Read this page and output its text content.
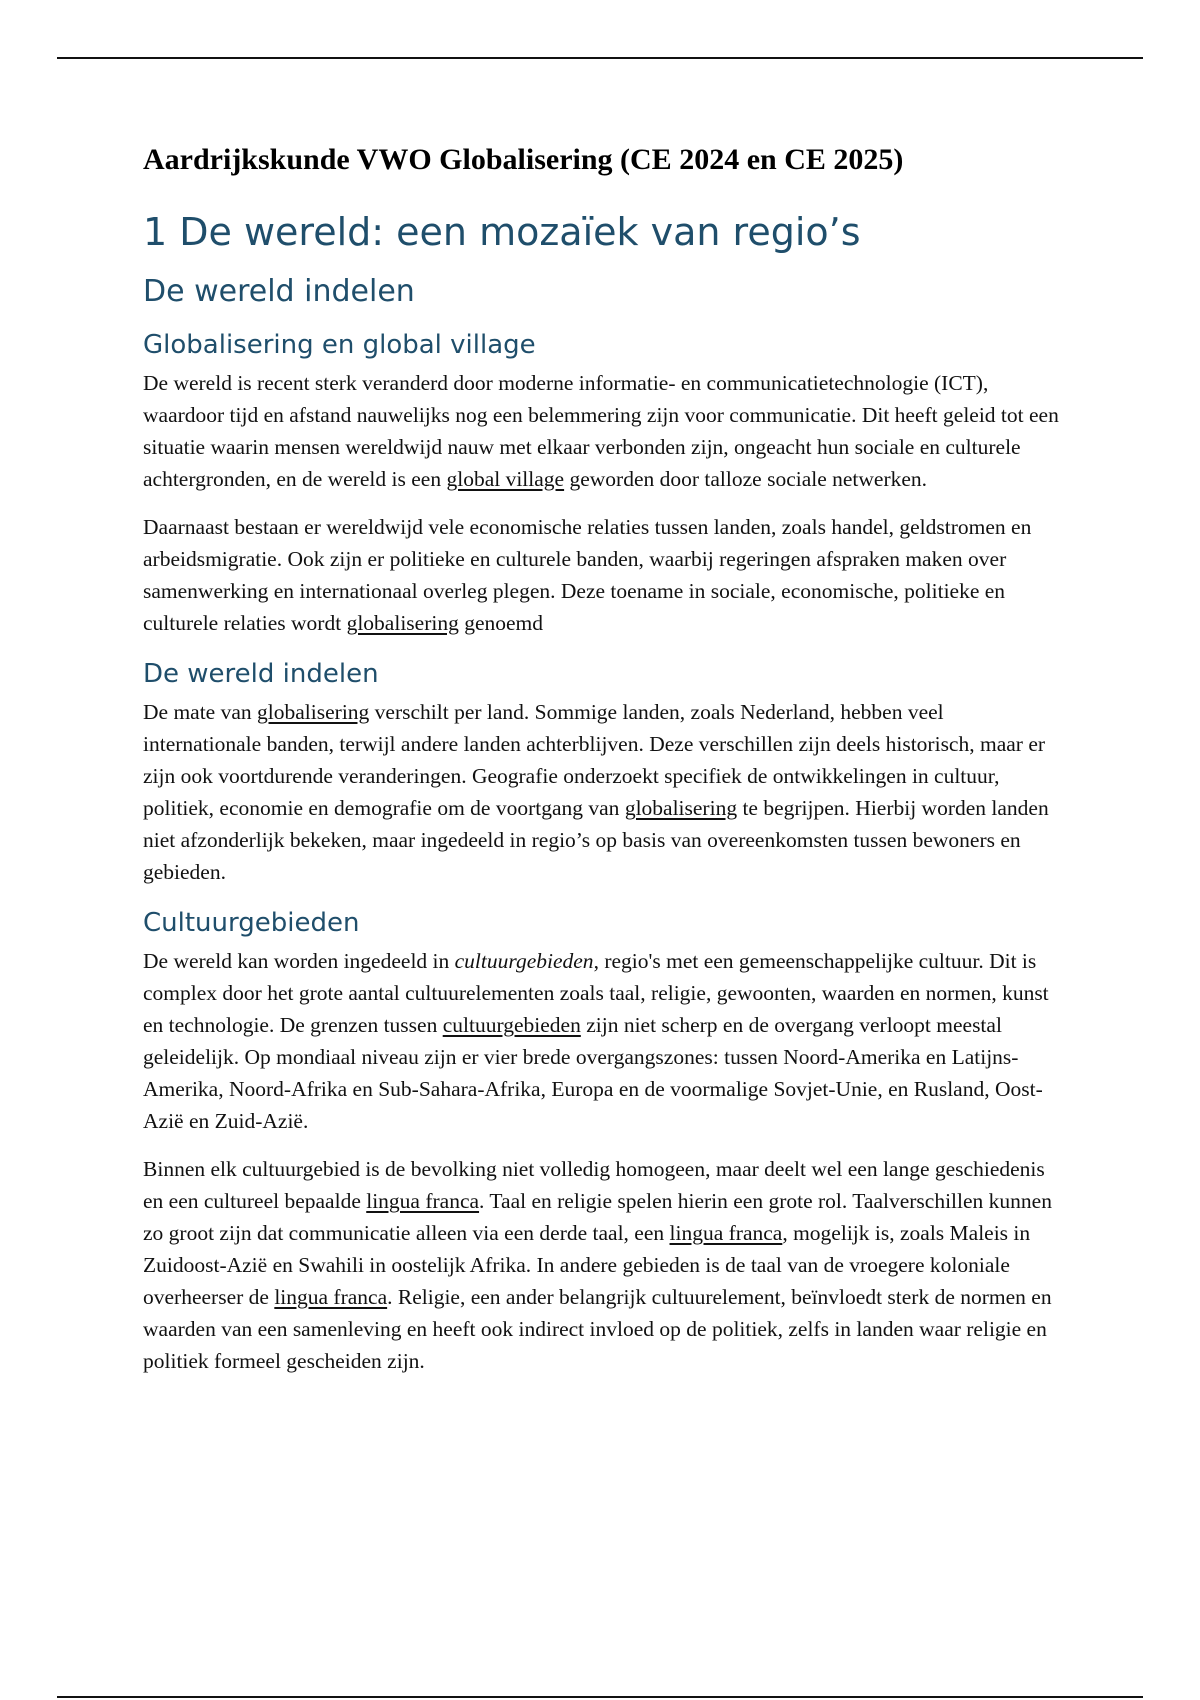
Aardrijkskunde VWO Globalisering (CE 2024 en CE 2025)
1 De wereld: een mozaïek van regio’s
De wereld indelen
Globalisering en global village

De wereld is recent sterk veranderd door moderne informatie- en communicatietechnologie (ICT), waardoor tijd en afstand nauwelijks nog een belemmering zijn voor communicatie. Dit heeft geleid tot een situatie waarin mensen wereldwijd nauw met elkaar verbonden zijn, ongeacht hun sociale en culturele achtergronden, en de wereld is een global village geworden door talloze sociale netwerken.

Daarnaast bestaan er wereldwijd vele economische relaties tussen landen, zoals handel, geldstromen en arbeidsmigratie. Ook zijn er politieke en culturele banden, waarbij regeringen afspraken maken over samenwerking en internationaal overleg plegen. Deze toename in sociale, economische, politieke en culturele relaties wordt globalisering genoemd

De wereld indelen

De mate van globalisering verschilt per land. Sommige landen, zoals Nederland, hebben veel internationale banden, terwijl andere landen achterblijven. Deze verschillen zijn deels historisch, maar er zijn ook voortdurende veranderingen. Geografie onderzoekt specifiek de ontwikkelingen in cultuur, politiek, economie en demografie om de voortgang van globalisering te begrijpen. Hierbij worden landen niet afzonderlijk bekeken, maar ingedeeld in regio’s op basis van overeenkomsten tussen bewoners en gebieden.

Cultuurgebieden

De wereld kan worden ingedeeld in cultuurgebieden, regio's met een gemeenschappelijke cultuur. Dit is complex door het grote aantal cultuurelementen zoals taal, religie, gewoonten, waarden en normen, kunst en technologie. De grenzen tussen cultuurgebieden zijn niet scherp en de overgang verloopt meestal geleidelijk. Op mondiaal niveau zijn er vier brede overgangszones: tussen Noord-Amerika en Latijns-Amerika, Noord-Afrika en Sub-Sahara-Afrika, Europa en de voormalige Sovjet-Unie, en Rusland, Oost-Azië en Zuid-Azië.

Binnen elk cultuurgebied is de bevolking niet volledig homogeen, maar deelt wel een lange geschiedenis en een cultureel bepaalde lingua franca. Taal en religie spelen hierin een grote rol. Taalverschillen kunnen zo groot zijn dat communicatie alleen via een derde taal, een lingua franca, mogelijk is, zoals Maleis in Zuidoost-Azië en Swahili in oostelijk Afrika. In andere gebieden is de taal van de vroegere koloniale overheerser de lingua franca. Religie, een ander belangrijk cultuurelement, beïnvloedt sterk de normen en waarden van een samenleving en heeft ook indirect invloed op de politiek, zelfs in landen waar religie en politiek formeel gescheiden zijn.
